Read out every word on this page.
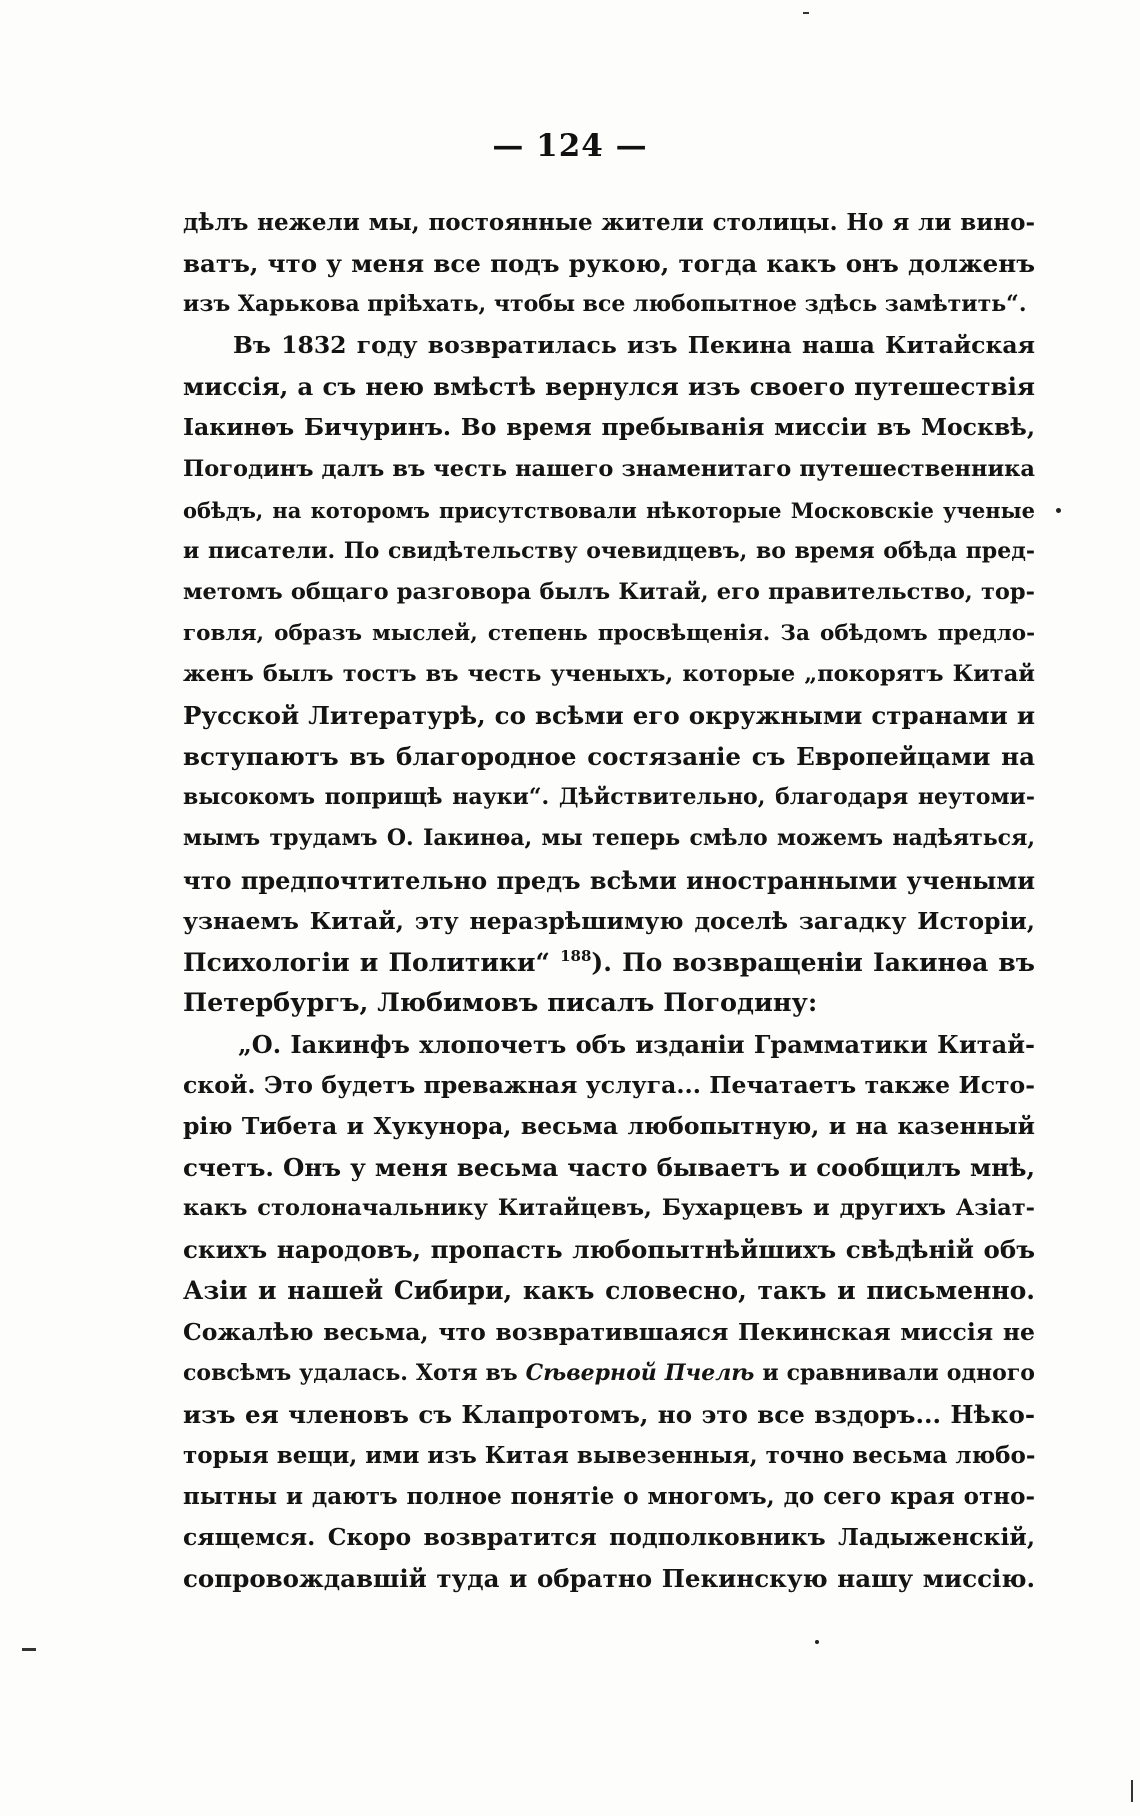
— 124 —
дѣлъ нежели мы, постоянные жители столицы. Но я ли вино-
ватъ, что у меня все подъ рукою, тогда какъ онъ долженъ
изъ Харькова пріѣхать, чтобы все любопытное здѣсь замѣтить“.
Въ 1832 году возвратилась изъ Пекина наша Китайская
миссія, а съ нею вмѣстѣ вернулся изъ своего путешествія
Іакинѳъ Бичуринъ. Во время пребыванія миссіи въ Москвѣ,
Погодинъ далъ въ честь нашего знаменитаго путешественника
обѣдъ, на которомъ присутствовали нѣкоторые Московскіе ученые
и писатели. По свидѣтельству очевидцевъ, во время обѣда пред-
метомъ общаго разговора былъ Китай, его правительство, тор-
говля, образъ мыслей, степень просвѣщенія. За обѣдомъ предло-
женъ былъ тостъ въ честь ученыхъ, которые „покорятъ Китай
Русской Литературѣ, со всѣми его окружными странами и
вступаютъ въ благородное состязаніе съ Европейцами на
высокомъ поприщѣ науки“. Дѣйствительно, благодаря неутоми-
мымъ трудамъ О. Іакинѳа, мы теперь смѣло можемъ надѣяться,
что предпочтительно предъ всѣми иностранными учеными
узнаемъ Китай, эту неразрѣшимую доселѣ загадку Исторіи,
Психологіи и Политики“ $^{188}$). По возвращеніи Іакинѳа въ
Петербургъ, Любимовъ писалъ Погодину:
„О. Іакинфъ хлопочетъ объ изданіи Грамматики Китай-
ской. Это будетъ преважная услуга... Печатаетъ также Исто-
рію Тибета и Хукунора, весьма любопытную, и на казенный
счетъ. Онъ у меня весьма часто бываетъ и сообщилъ мнѣ,
какъ столоначальнику Китайцевъ, Бухарцевъ и другихъ Азіат-
скихъ народовъ, пропасть любопытнѣйшихъ свѣдѣній объ
Азіи и нашей Сибири, какъ словесно, такъ и письменно.
Сожалѣю весьма, что возвратившаяся Пекинская миссія не
совсѣмъ удалась. Хотя въ Сѣверной Пчелѣ и сравнивали одного
изъ ея членовъ съ Клапротомъ, но это все вздоръ... Нѣко-
торыя вещи, ими изъ Китая вывезенныя, точно весьма любо-
пытны и даютъ полное понятіе о многомъ, до сего края отно-
сящемся. Скоро возвратится подполковникъ Ладыженскій,
сопровождавшій туда и обратно Пекинскую нашу миссію.
